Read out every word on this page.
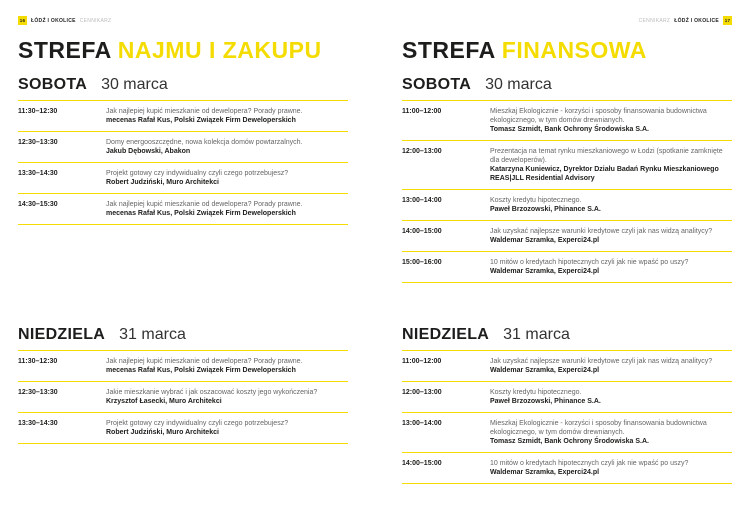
16	ŁÓDŹ I OKOLICE CENNIKARZ
STREFA NAJMU I ZAKUPU
SOBOTA 30 marca
11:30–12:30	Jak najlepiej kupić mieszkanie od dewelopera? Porady prawne.
mecenas Rafał Kus, Polski Związek Firm Deweloperskich
12:30–13:30	Domy energooszczędne, nowa kolekcja domów powtarzalnych.
Jakub Dębowski, Abakon
13:30–14:30	Projekt gotowy czy indywidualny czyli czego potrzebujesz?
Robert Judziński, Muro Architekci
14:30–15:30	Jak najlepiej kupić mieszkanie od dewelopera? Porady prawne.
mecenas Rafał Kus, Polski Związek Firm Deweloperskich
NIEDZIELA 31 marca
11:30–12:30	Jak najlepiej kupić mieszkanie od dewelopera? Porady prawne.
mecenas Rafał Kus, Polski Związek Firm Deweloperskich
12:30–13:30	Jakie mieszkanie wybrać i jak oszacować koszty jego wykończenia?
Krzysztof Łasecki, Muro Architekci
13:30–14:30	Projekt gotowy czy indywidualny czyli czego potrzebujesz?
Robert Judziński, Muro Architekci
CENNIKARZ ŁÓDŹ I OKOLICE	17
STREFA FINANSOWA
SOBOTA 30 marca
11:00–12:00	Mieszkaj Ekologicznie - korzyści i sposoby finansowania budownictwa ekologicznego, w tym domów drewnianych.
Tomasz Szmidt, Bank Ochrony Środowiska S.A.
12:00–13:00	Prezentacja na temat rynku mieszkaniowego w Łodzi (spotkanie zamknięte dla deweloperów).
Katarzyna Kuniewicz, Dyrektor Działu Badań Rynku Mieszkaniowego REAS|JLL Residential Advisory
13:00–14:00	Koszty kredytu hipotecznego.
Paweł Brzozowski, Phinance S.A.
14:00–15:00	Jak uzyskać najlepsze warunki kredytowe czyli jak nas widzą analitycy?
Waldemar Szramka, Experci24.pl
15:00–16:00	10 mitów o kredytach hipotecznych czyli jak nie wpaść po uszy?
Waldemar Szramka, Experci24.pl
NIEDZIELA 31 marca
11:00–12:00	Jak uzyskać najlepsze warunki kredytowe czyli jak nas widzą analitycy?
Waldemar Szramka, Experci24.pl
12:00–13:00	Koszty kredytu hipotecznego.
Paweł Brzozowski, Phinance S.A.
13:00–14:00	Mieszkaj Ekologicznie - korzyści i sposoby finansowania budownictwa ekologicznego, w tym domów drewnianych.
Tomasz Szmidt, Bank Ochrony Środowiska S.A.
14:00–15:00	10 mitów o kredytach hipotecznych czyli jak nie wpaść po uszy?
Waldemar Szramka, Experci24.pl
